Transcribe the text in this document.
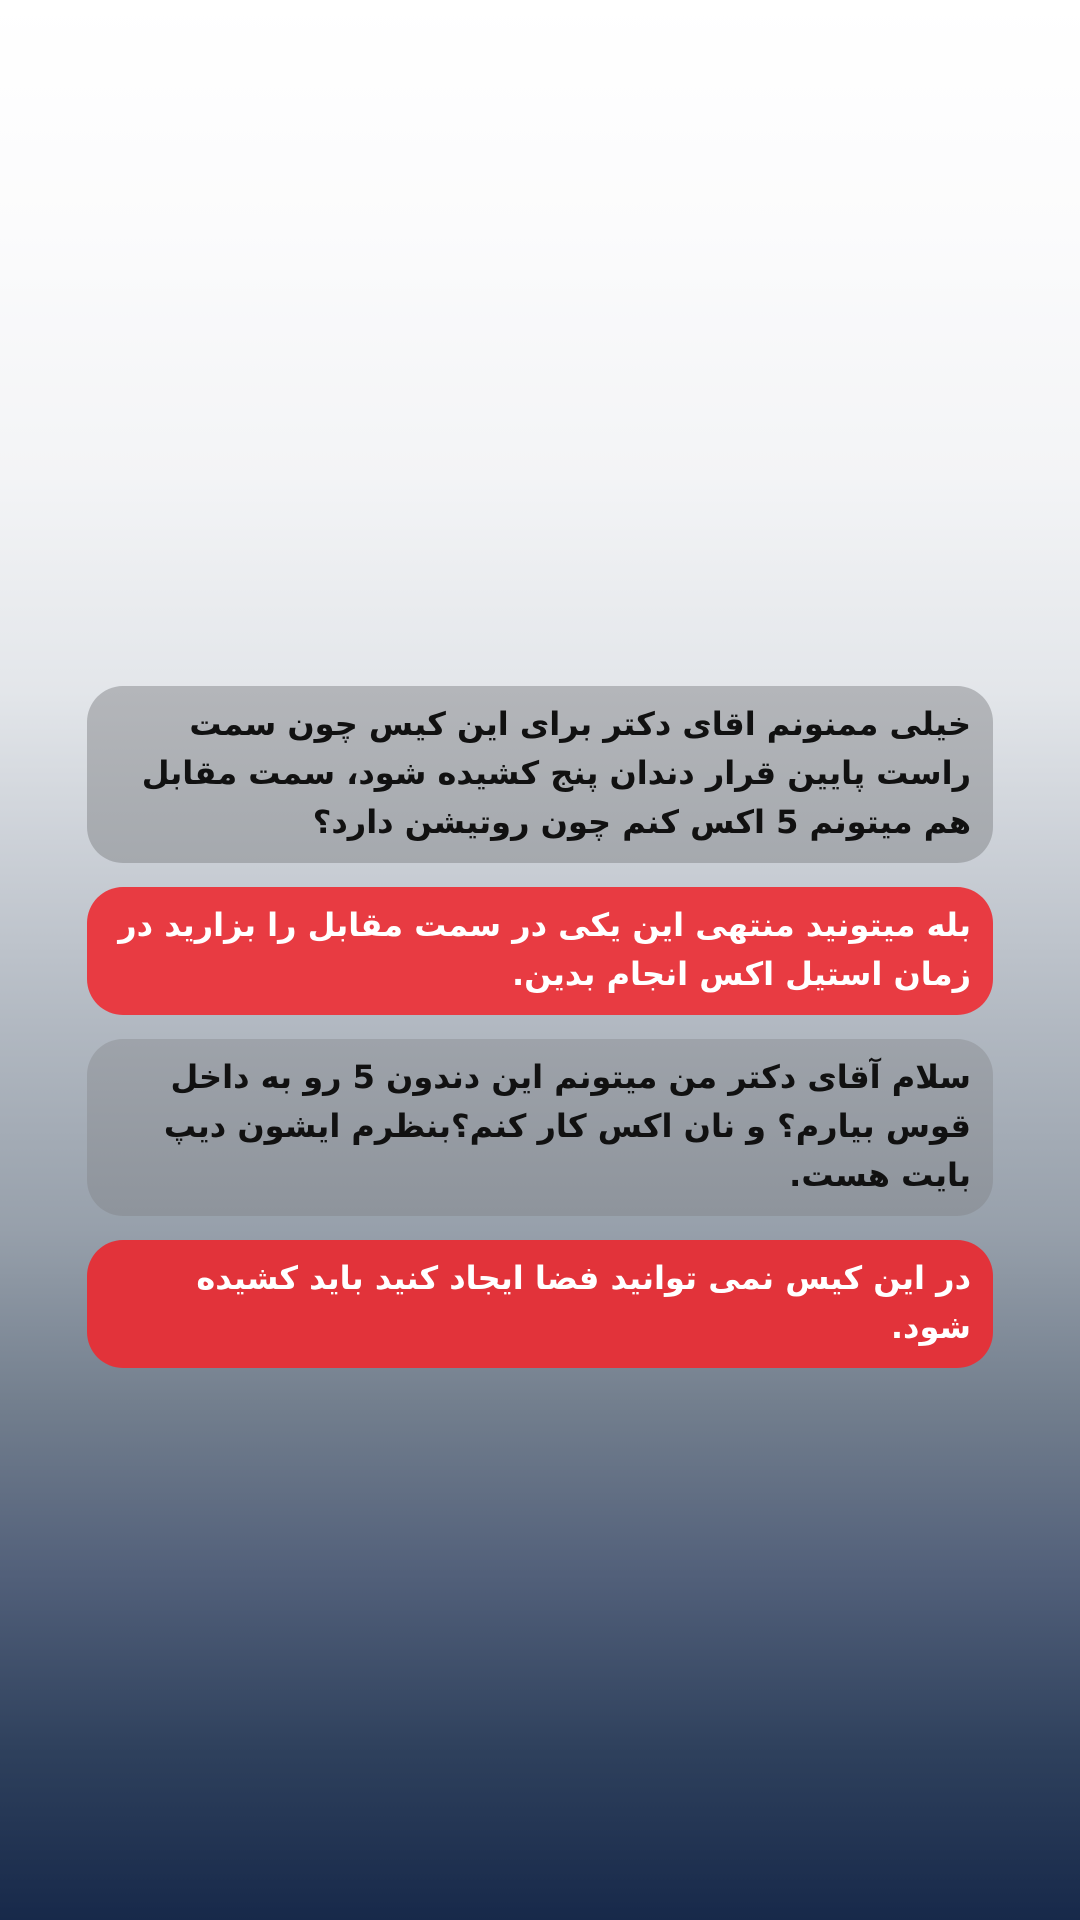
خیلی ممنونم اقای دکتر برای این کیس چون سمت راست پایین قرار دندان پنج کشیده شود، سمت مقابل هم میتونم 5 اکس کنم چون روتیشن دارد؟
بله میتونید منتهی این یکی در سمت مقابل را بزارید در زمان استیل اکس انجام بدین.
سلام آقای دکتر من میتونم این دندون 5 رو به داخل قوس بیارم؟ و نان اکس کار کنم؟بنظرم ایشون دیپ بایت هست.
در این کیس نمی توانید فضا ایجاد کنید باید کشیده شود.
